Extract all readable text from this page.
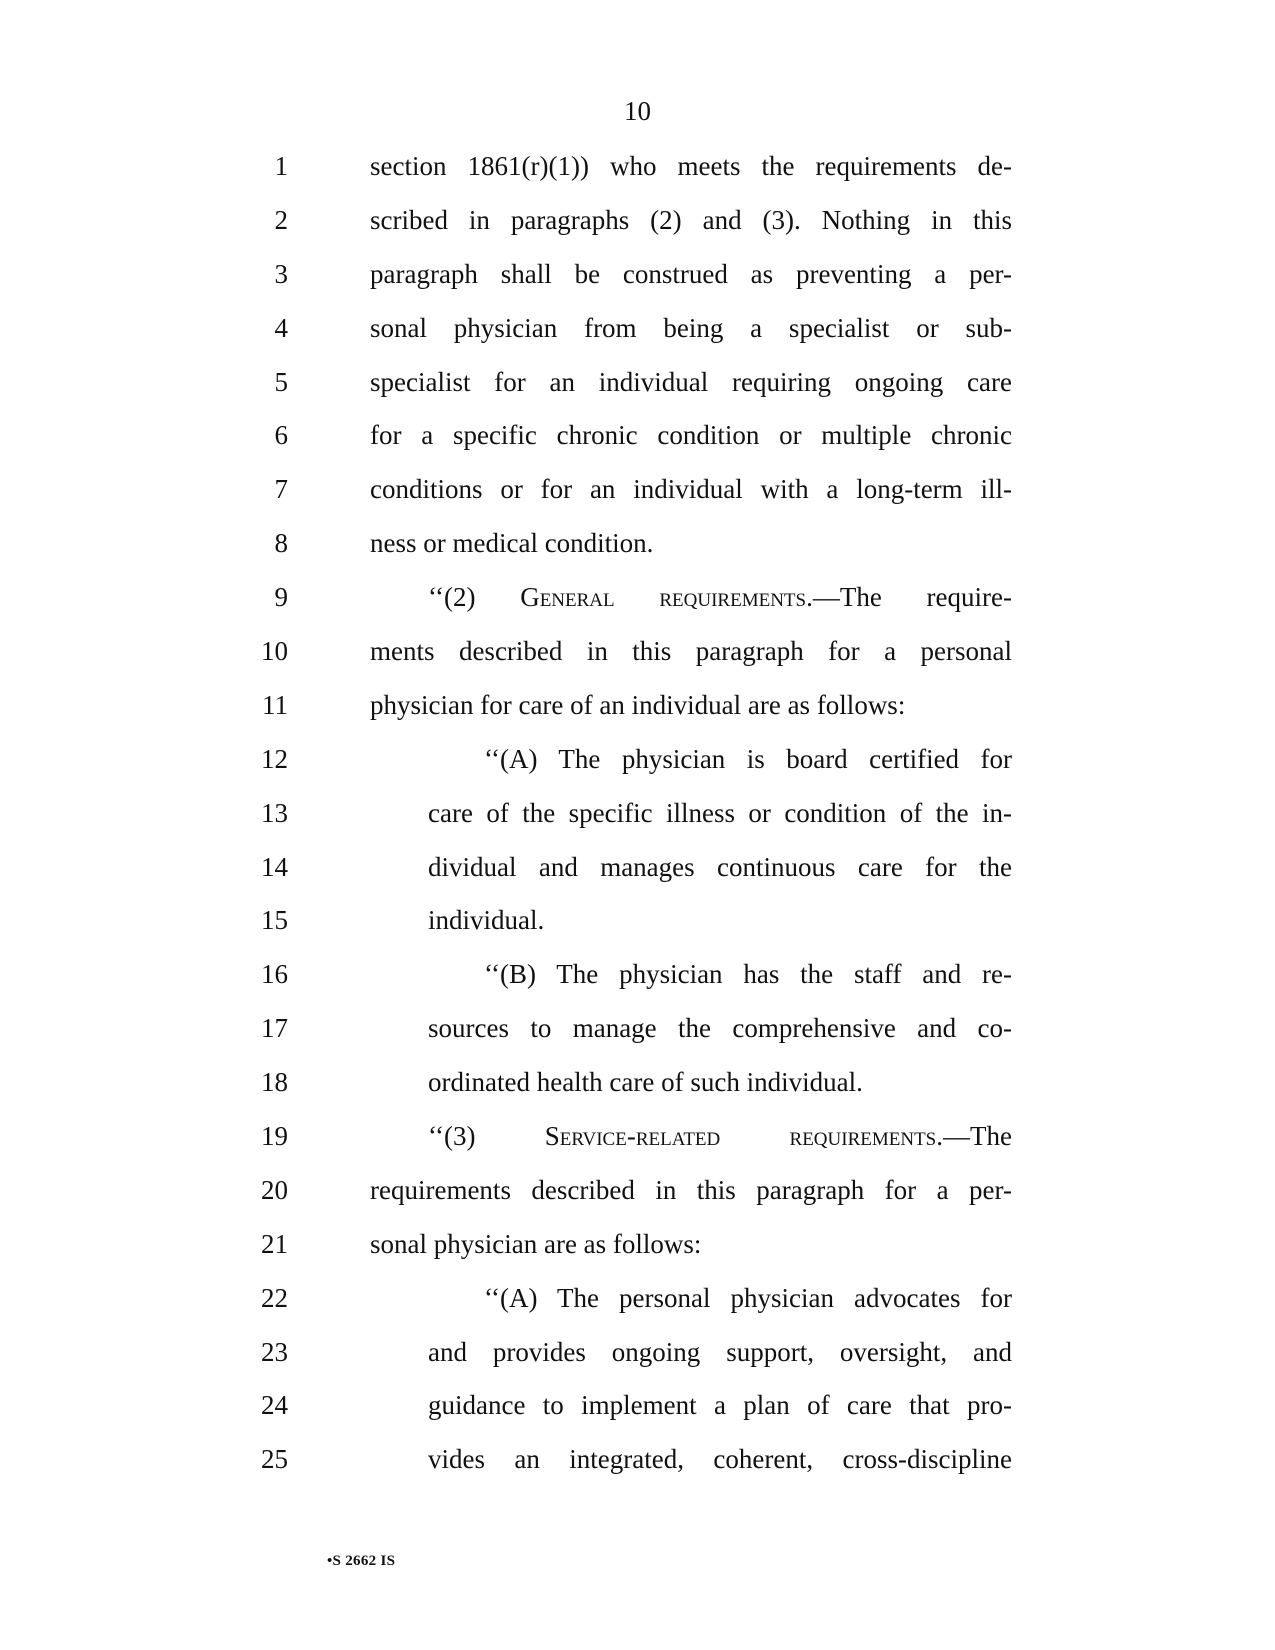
10
1	section 1861(r)(1)) who meets the requirements de-
2	scribed in paragraphs (2) and (3). Nothing in this
3	paragraph shall be construed as preventing a per-
4	sonal physician from being a specialist or sub-
5	specialist for an individual requiring ongoing care
6	for a specific chronic condition or multiple chronic
7	conditions or for an individual with a long-term ill-
8	ness or medical condition.
9	‘‘(2) General requirements.—The require-
10	ments described in this paragraph for a personal
11	physician for care of an individual are as follows:
12	‘‘(A) The physician is board certified for
13	care of the specific illness or condition of the in-
14	dividual and manages continuous care for the
15	individual.
16	‘‘(B) The physician has the staff and re-
17	sources to manage the comprehensive and co-
18	ordinated health care of such individual.
19	‘‘(3) Service-related requirements.—The
20	requirements described in this paragraph for a per-
21	sonal physician are as follows:
22	‘‘(A) The personal physician advocates for
23	and provides ongoing support, oversight, and
24	guidance to implement a plan of care that pro-
25	vides an integrated, coherent, cross-discipline
•S 2662 IS
